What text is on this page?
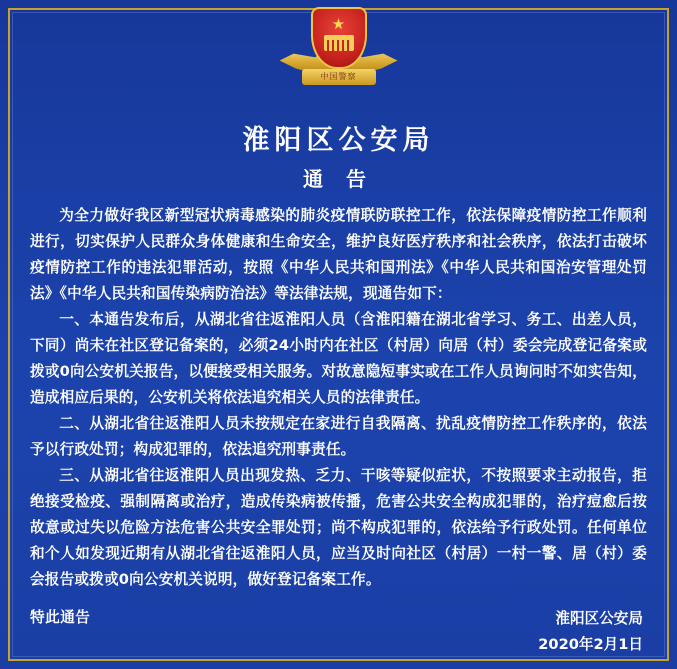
★
中国警察
淮阳区公安局
通 告

为全力做好我区新型冠状病毒感染的肺炎疫情联防联控工作，依法保障疫情防控工作顺利进行，切实保护人民群众身体健康和生命安全，维护良好医疗秩序和社会秩序，依法打击破坏疫情防控工作的违法犯罪活动，按照《中华人民共和国刑法》《中华人民共和国治安管理处罚法》《中华人民共和国传染病防治法》等法律法规，现通告如下：

一、本通告发布后，从湖北省往返淮阳人员（含淮阳籍在湖北省学习、务工、出差人员，下同）尚未在社区登记备案的，必须24小时内在社区（村居）向居（村）委会完成登记备案或拨戓0向公安机关报告，以便接受相关服务。对故意隐短事实或在工作人员询问时不如实告知，造成相应后果的，公安机关将依法追究相关人员的法律责任。

二、从湖北省往返淮阳人员未按规定在家进行自我隔离、扰乱疫情防控工作秩序的，依法予以行政处罚；构成犯罪的，依法追究刑事责任。

三、从湖北省往返淮阳人员出现发热、乏力、干咳等疑似症状，不按照要求主动报告，拒绝接受检疫、强制隔离或治疗，造成传染病被传播，危害公共安全构成犯罪的，治疗痘愈后按故意或过失以危险方法危害公共安全罪处罚；尚不构成犯罪的，依法给予行政处罚。任何单位和个人如发现近期有从湖北省往返淮阳人员，应当及时向社区（村居）一村一警、居（村）委会报告或拨戓0向公安机关说明，做好登记备案工作。

特此通告	淮阳区公安局
2020年2月1日
